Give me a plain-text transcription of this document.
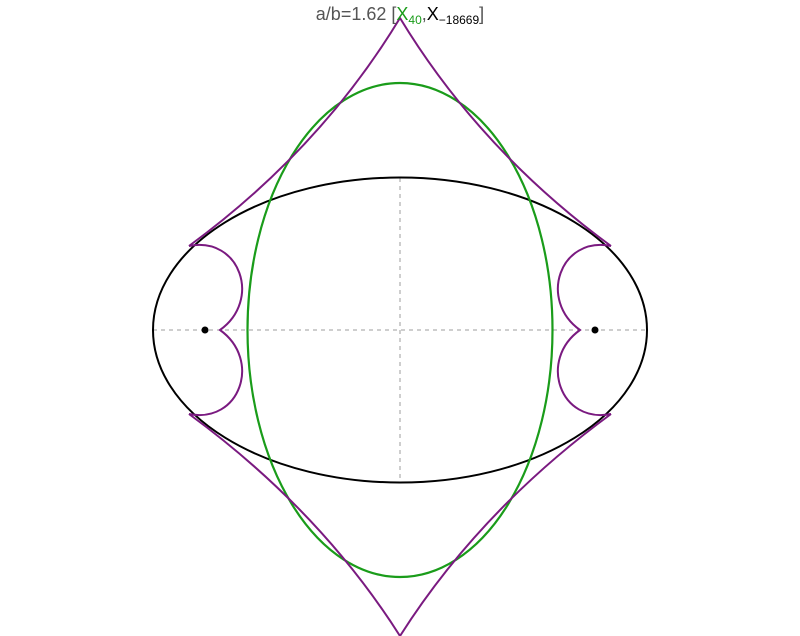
a/b=1.62 $[X_{40},X_{-18669}]$
